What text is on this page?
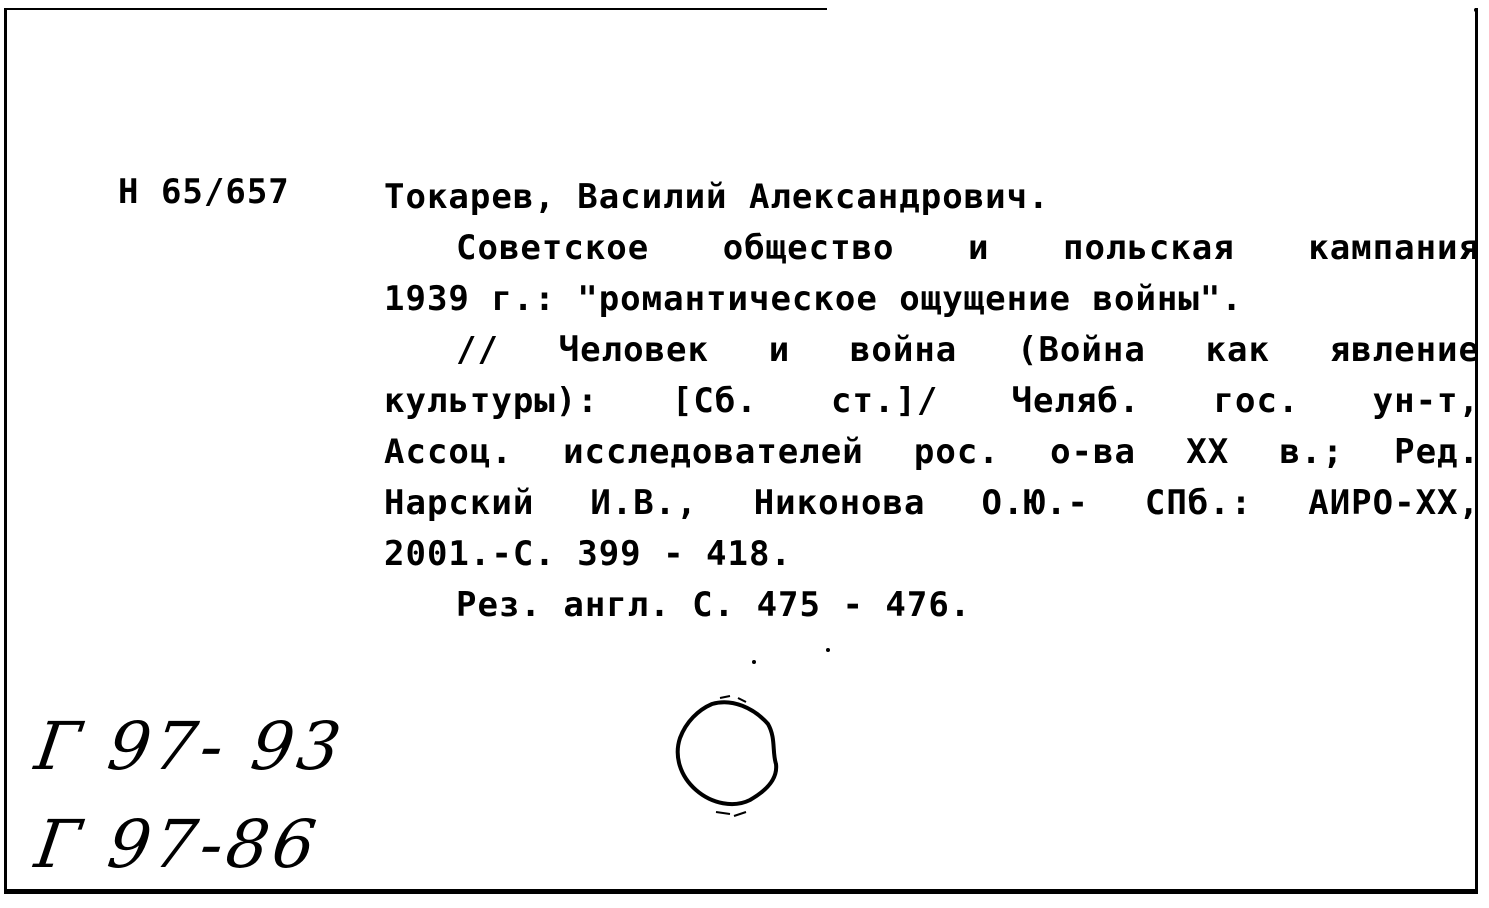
Н 65/657	Токарев, Василий Александрович.
Советское общество и польская кампания
1939 г.: "романтическое ощущение войны".
// Человек и война (Война как явление
культуры): [Сб. ст.]/ Челяб. гос. ун-т,
Ассоц. исследователей рос. о-ва XX в.; Ред.
Нарский И.В., Никонова О.Ю.- СПб.: АИРО-XX,
2001.-С. 399 - 418.
Рез. англ. С. 475 - 476.
Г 97- 93
Г 97-86
